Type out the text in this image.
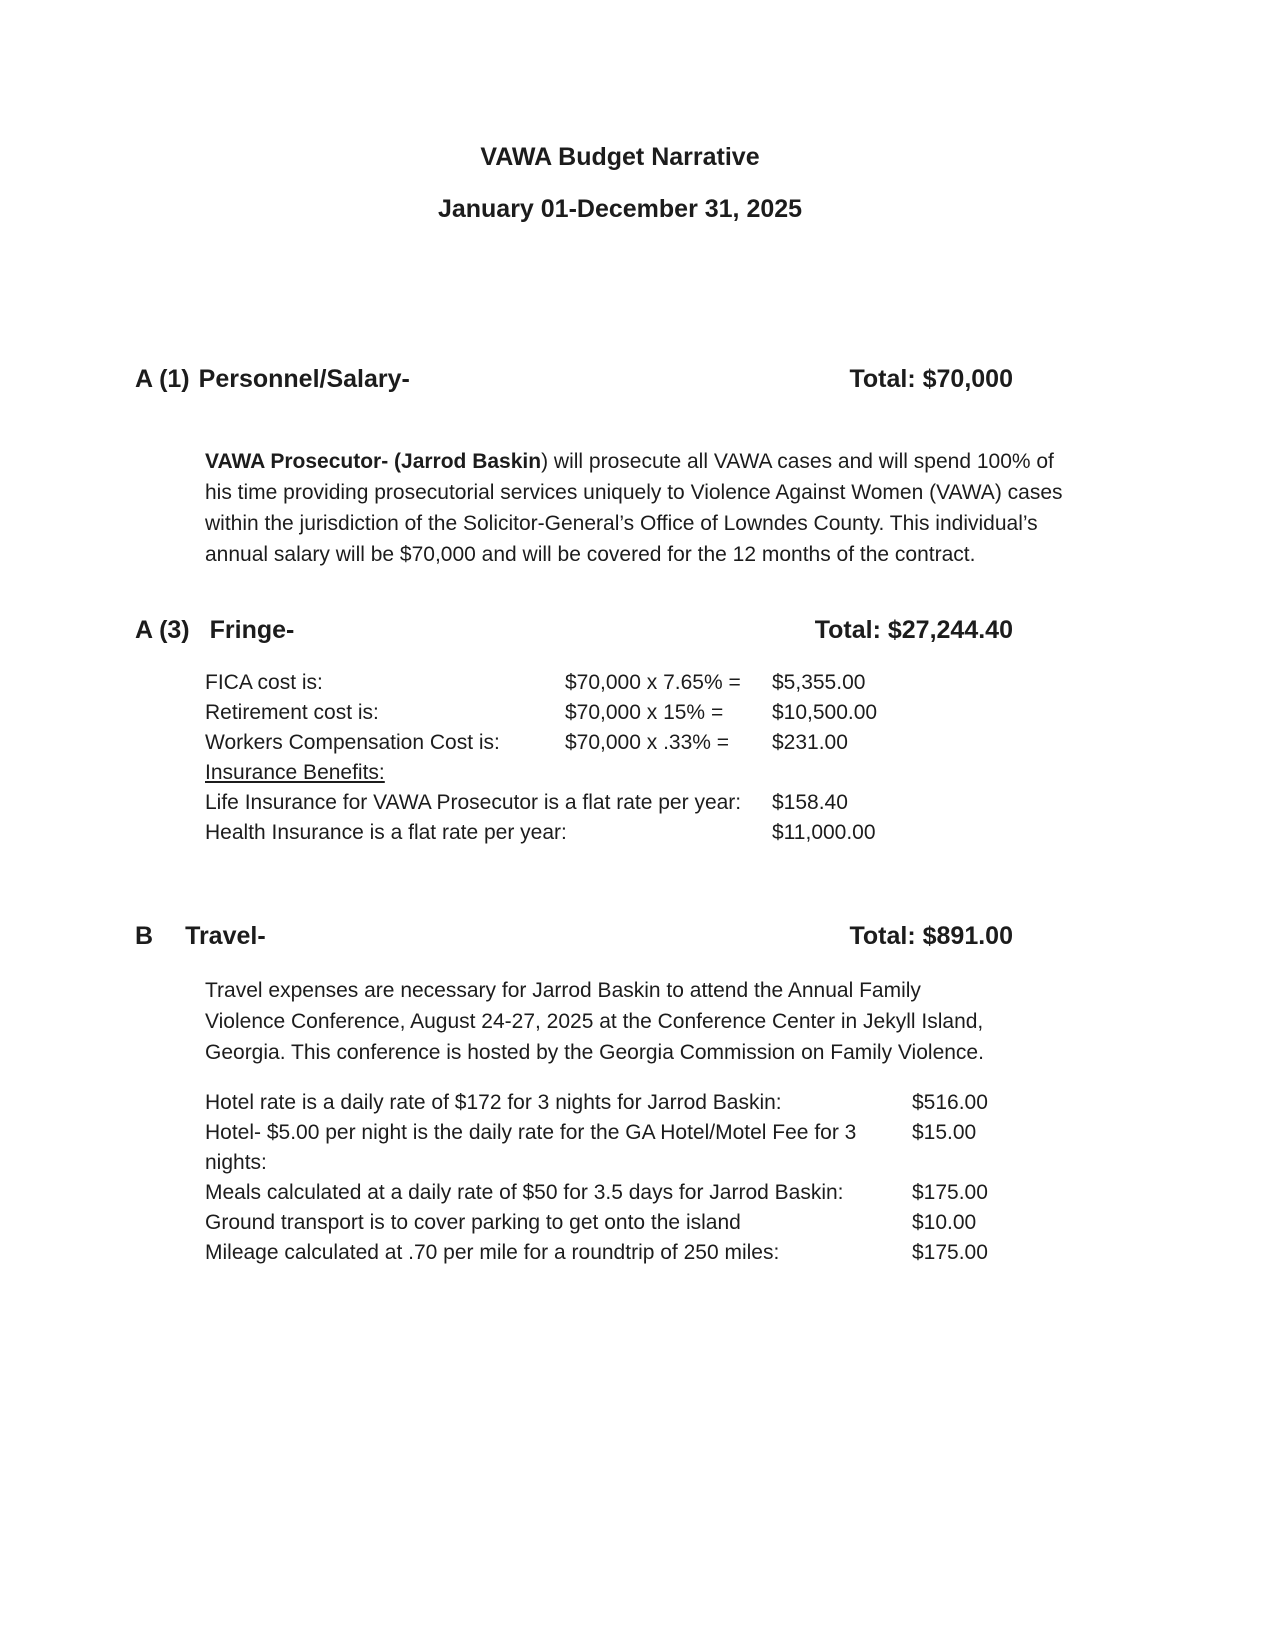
VAWA Budget Narrative
January 01-December 31, 2025
A (1) Personnel/Salary-	Total: $70,000

VAWA Prosecutor- (Jarrod Baskin) will prosecute all VAWA cases and will spend 100% of his time providing prosecutorial services uniquely to Violence Against Women (VAWA) cases within the jurisdiction of the Solicitor-General’s Office of Lowndes County. This individual’s annual salary will be $70,000 and will be covered for the 12 months of the contract.

A (3) Fringe-	Total: $27,244.40
FICA cost is:	$70,000 x 7.65% =	$5,355.00
Retirement cost is:	$70,000 x 15% =	$10,500.00
Workers Compensation Cost is:	$70,000 x .33% =	$231.00
Insurance Benefits:
Life Insurance for VAWA Prosecutor is a flat rate per year:	$158.40
Health Insurance is a flat rate per year:	$11,000.00
B Travel-	Total: $891.00

Travel expenses are necessary for Jarrod Baskin to attend the Annual Family Violence Conference, August 24-27, 2025 at the Conference Center in Jekyll Island, Georgia. This conference is hosted by the Georgia Commission on Family Violence.

Hotel rate is a daily rate of $172 for 3 nights for Jarrod Baskin:	$516.00
Hotel- $5.00 per night is the daily rate for the GA Hotel/Motel Fee for 3 nights:
$15.00
Meals calculated at a daily rate of $50 for 3.5 days for Jarrod Baskin:	$175.00
Ground transport is to cover parking to get onto the island	$10.00
Mileage calculated at .70 per mile for a roundtrip of 250 miles:	$175.00
